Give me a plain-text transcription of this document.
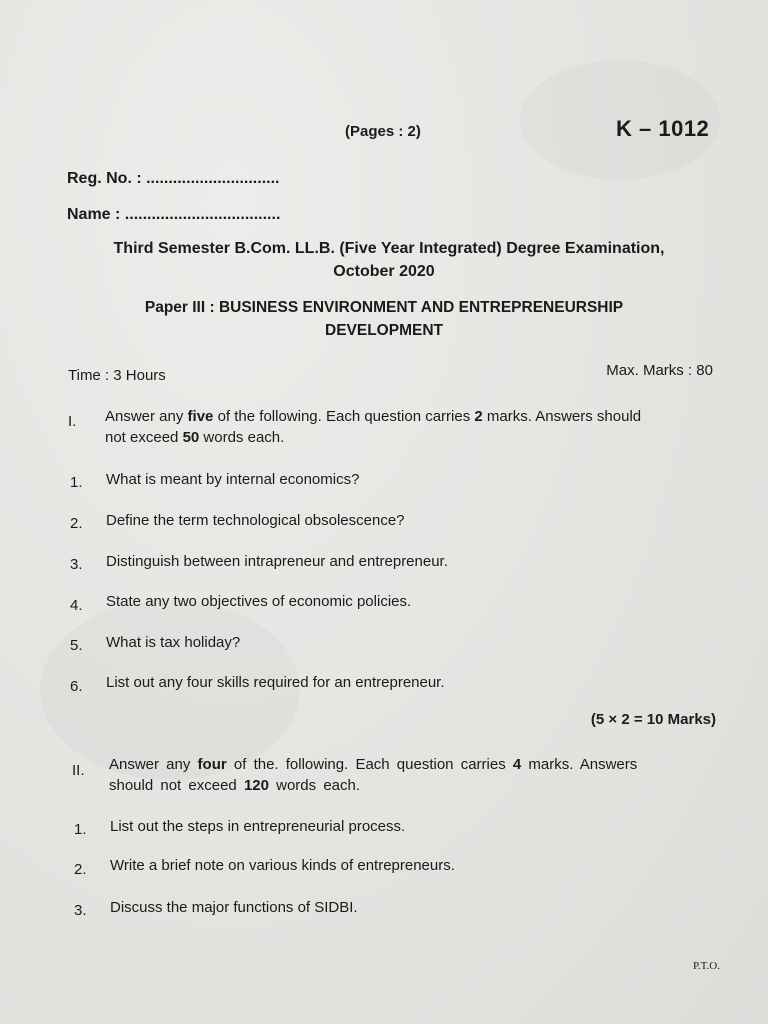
(Pages : 2)	K – 1012
Reg. No. : ..............................
Name : ...................................
Third Semester B.Com. LL.B. (Five Year Integrated) Degree Examination,
October 2020
Paper III : BUSINESS ENVIRONMENT AND ENTREPRENEURSHIP
DEVELOPMENT
Time : 3 Hours	Max. Marks : 80
I. Answer any five of the following. Each question carries 2 marks. Answers should
not exceed 50 words each.
1. What is meant by internal economics?
2. Define the term technological obsolescence?
3. Distinguish between intrapreneur and entrepreneur.
4. State any two objectives of economic policies.
5. What is tax holiday?
6. List out any four skills required for an entrepreneur.
(5 × 2 = 10 Marks)
II. Answer any four of the. following. Each question carries 4 marks. Answers
should not exceed 120 words each.
1. List out the steps in entrepreneurial process.
2. Write a brief note on various kinds of entrepreneurs.
3. Discuss the major functions of SIDBI.
P.T.O.
